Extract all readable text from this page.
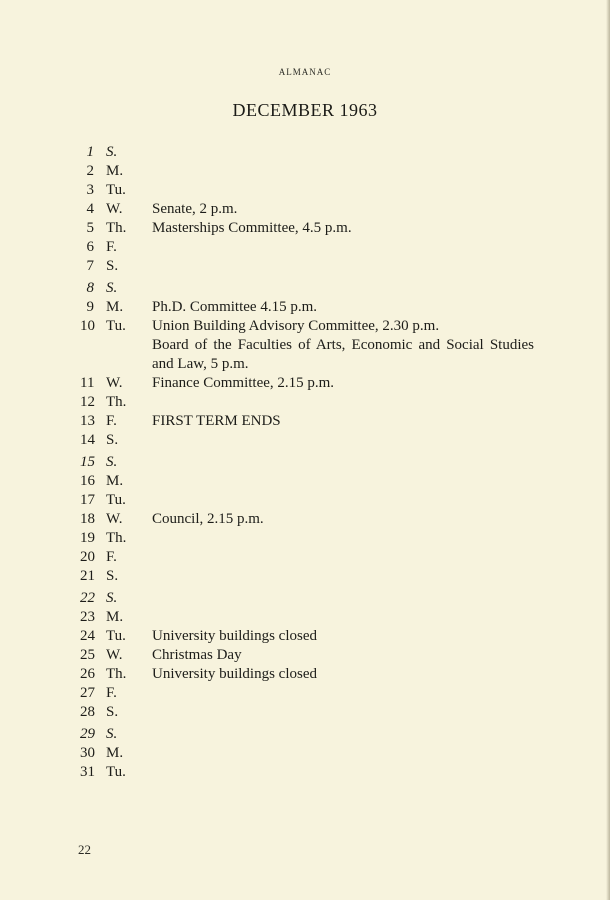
ALMANAC
DECEMBER 1963
1 S.
2 M.
3 Tu.
4 W. Senate, 2 p.m.
5 Th. Masterships Committee, 4.5 p.m.
6 F.
7 S.
8 S.
9 M. Ph.D. Committee 4.15 p.m.
10 Tu. Union Building Advisory Committee, 2.30 p.m.
Board of the Faculties of Arts, Economic and Social Studies and Law, 5 p.m.
11 W. Finance Committee, 2.15 p.m.
12 Th.
13 F. FIRST TERM ENDS
14 S.
15 S.
16 M.
17 Tu.
18 W. Council, 2.15 p.m.
19 Th.
20 F.
21 S.
22 S.
23 M.
24 Tu. University buildings closed
25 W. Christmas Day
26 Th. University buildings closed
27 F.
28 S.
29 S.
30 M.
31 Tu.
22
